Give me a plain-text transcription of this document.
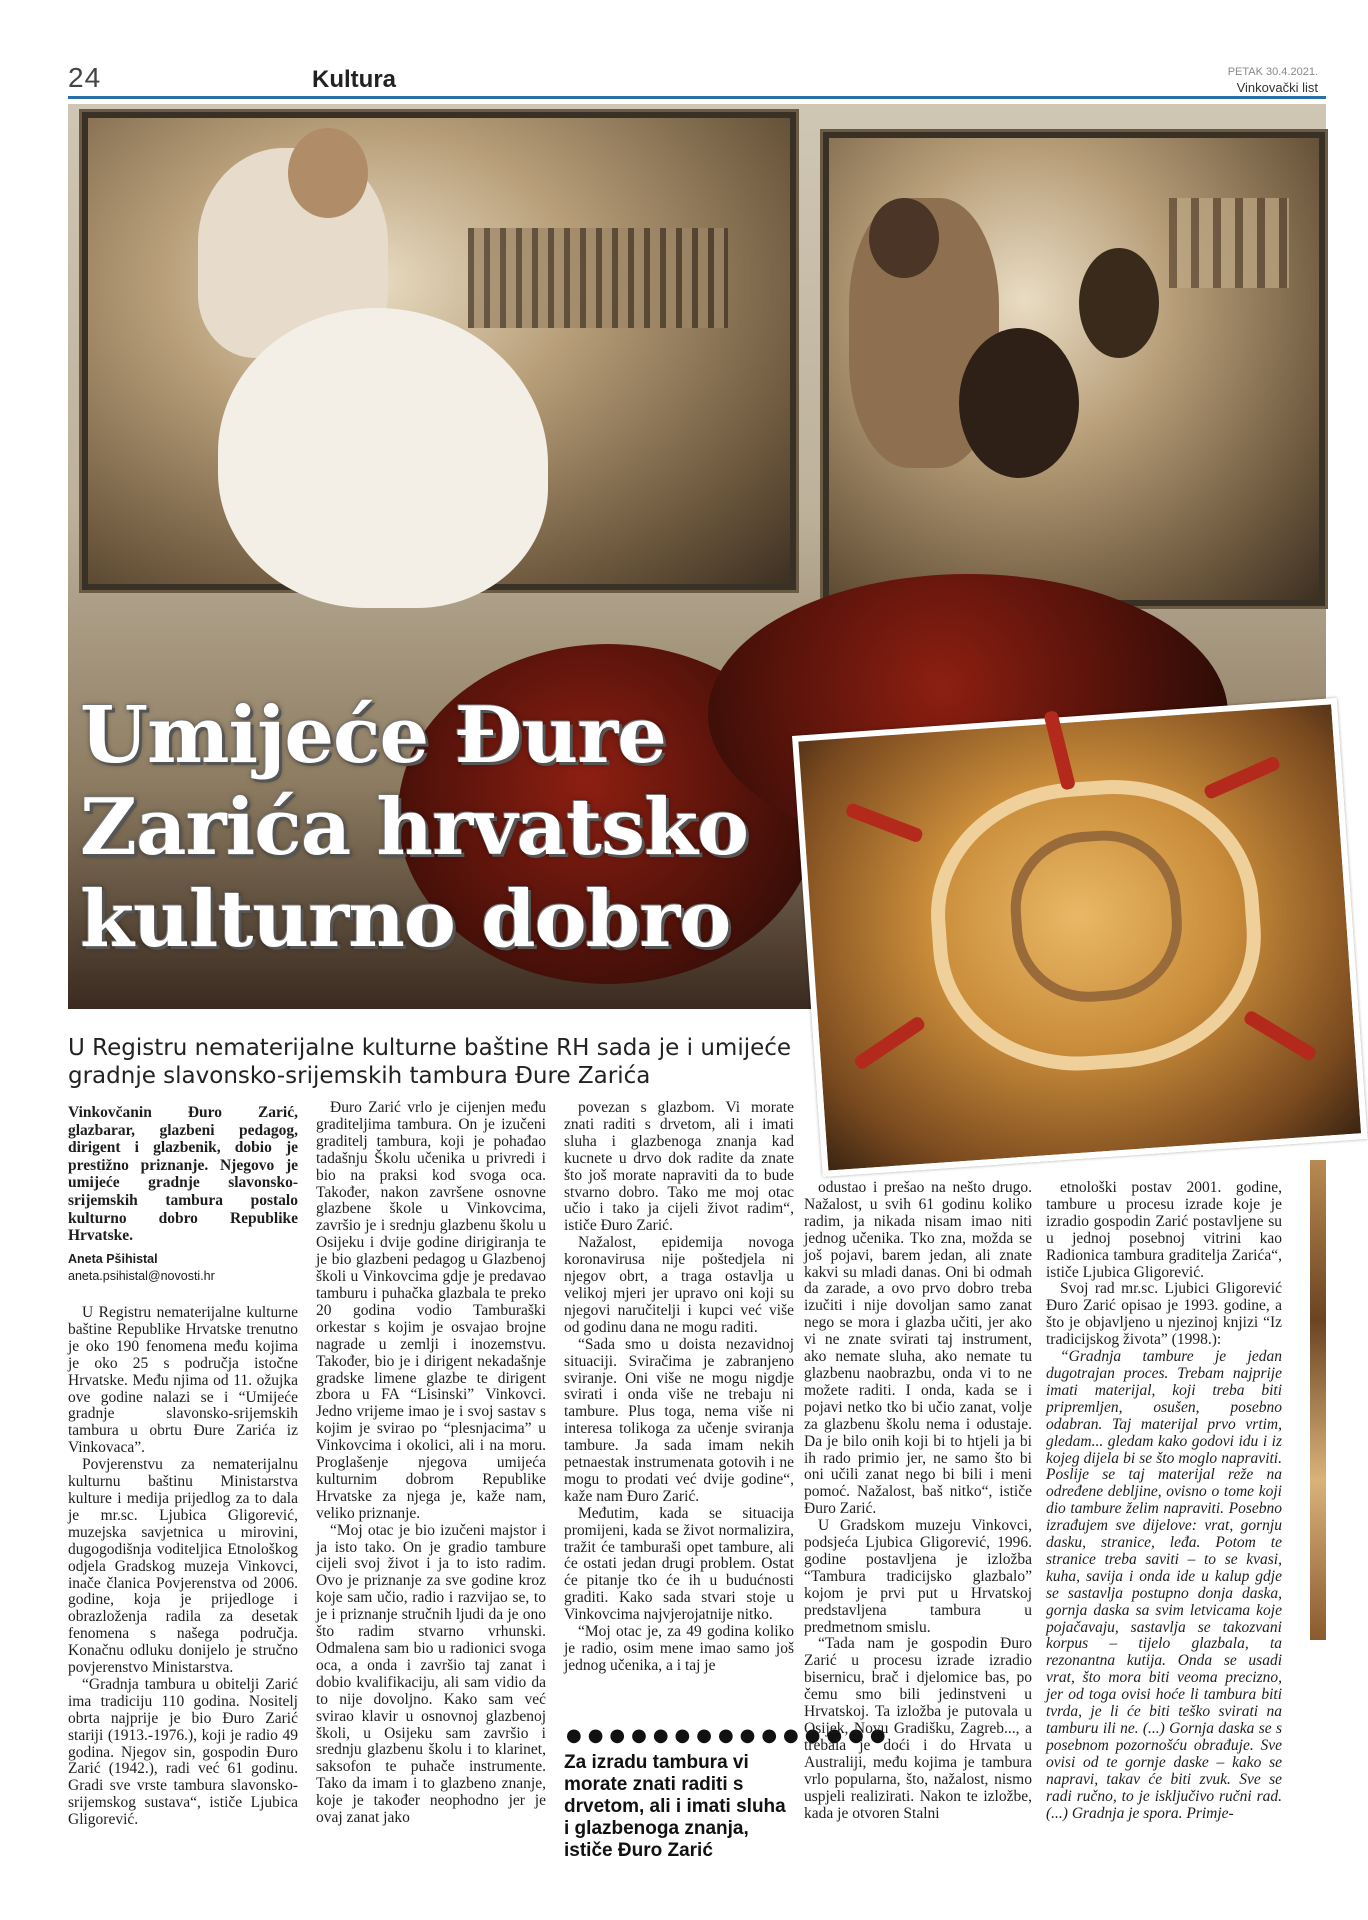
24	Kultura	PETAK 30.4.2021.
Vinkovački list
Umijeće Đure Zarića hrvatsko kulturno dobro
U Registru nematerijalne kulturne baštine RH sada je i umijeće gradnje slavonsko-srijemskih tambura Đure Zarića
Vinkovčanin Đuro Zarić, glazbarar, glazbeni pedagog, dirigent i glazbenik, dobio je prestižno priznanje. Njegovo je umijeće gradnje slavonsko-srijemskih tambura postalo kulturno dobro Republike Hrvatske.
Aneta Pšihistal
aneta.psihistal@novosti.hr

U Registru nematerijalne kulturne baštine Republike Hrvatske trenutno je oko 190 fenomena među kojima je oko 25 s područja istočne Hrvatske. Među njima od 11. ožujka ove godine nalazi se i “Umijeće gradnje slavonsko-srijemskih tambura u obrtu Đure Zarića iz Vinkovaca”.

Povjerenstvu za nematerijalnu kulturnu baštinu Ministarstva kulture i medija prijedlog za to dala je mr.sc. Ljubica Gligorević, muzejska savjetnica u mirovini, dugogodišnja voditeljica Etnološkog odjela Gradskog muzeja Vinkovci, inače članica Povjerenstva od 2006. godine, koja je prijedloge i obrazloženja radila za desetak fenomena s našega područja. Konačnu odluku donijelo je stručno povjerenstvo Ministarstva.

“Gradnja tambura u obitelji Zarić ima tradiciju 110 godina. Nositelj obrta najprije je bio Đuro Zarić stariji (1913.-1976.), koji je radio 49 godina. Njegov sin, gospodin Đuro Zarić (1942.), radi već 61 godinu. Gradi sve vrste tambura slavonsko-srijemskog sustava“, ističe Ljubica Gligorević.

Đuro Zarić vrlo je cijenjen među graditeljima tambura. On je izučeni graditelj tambura, koji je pohađao tadašnju Školu učenika u privredi i bio na praksi kod svoga oca. Također, nakon završene osnovne glazbene škole u Vinkovcima, završio je i srednju glazbenu školu u Osijeku i dvije godine dirigiranja te je bio glazbeni pedagog u Glazbenoj školi u Vinkovcima gdje je predavao tamburu i puhačka glazbala te preko 20 godina vodio Tamburaški orkestar s kojim je osvajao brojne nagrade u zemlji i inozemstvu. Također, bio je i dirigent nekadašnje gradske limene glazbe te dirigent zbora u FA “Lisinski” Vinkovci. Jedno vrijeme imao je i svoj sastav s kojim je svirao po “plesnjacima” u Vinkovcima i okolici, ali i na moru. Proglašenje njegova umijeća kulturnim dobrom Republike Hrvatske za njega je, kaže nam, veliko priznanje.

“Moj otac je bio izučeni majstor i ja isto tako. On je gradio tambure cijeli svoj život i ja to isto radim. Ovo je priznanje za sve godine kroz koje sam učio, radio i razvijao se, to je i priznanje stručnih ljudi da je ono što radim stvarno vrhunski. Odmalena sam bio u radionici svoga oca, a onda i završio taj zanat i dobio kvalifikaciju, ali sam vidio da to nije dovoljno. Kako sam već svirao klavir u osnovnoj glazbenoj školi, u Osijeku sam završio i srednju glazbenu školu i to klarinet, saksofon te puhače instrumente. Tako da imam i to glazbeno znanje, koje je također neophodno jer je ovaj zanat jako

povezan s glazbom. Vi morate znati raditi s drvetom, ali i imati sluha i glazbenoga znanja kad kucnete u drvo dok radite da znate što još morate napraviti da to bude stvarno dobro. Tako me moj otac učio i tako ja cijeli život radim“, ističe Đuro Zarić.

Nažalost, epidemija novoga koronavirusa nije poštedjela ni njegov obrt, a traga ostavlja u velikoj mjeri jer upravo oni koji su njegovi naručitelji i kupci već više od godinu dana ne mogu raditi.

“Sada smo u doista nezavidnoj situaciji. Sviračima je zabranjeno sviranje. Oni više ne mogu nigdje svirati i onda više ne trebaju ni tambure. Plus toga, nema više ni interesa tolikoga za učenje sviranja tambure. Ja sada imam nekih petnaestak instrumenata gotovih i ne mogu to prodati već dvije godine“, kaže nam Đuro Zarić.

Međutim, kada se situacija promijeni, kada se život normalizira, tražit će tamburaši opet tambure, ali će ostati jedan drugi problem. Ostat će pitanje tko će ih u budućnosti graditi. Kako sada stvari stoje u Vinkovcima najvjerojatnije nitko.

“Moj otac je, za 49 godina koliko je radio, osim mene imao samo još jednog učenika, a i taj je

●●●●●●●●●●●●●●●
Za izradu tambura vi morate znati raditi s drvetom, ali i imati sluha i glazbenoga znanja, ističe Đuro Zarić

odustao i prešao na nešto drugo. Nažalost, u svih 61 godinu koliko radim, ja nikada nisam imao niti jednog učenika. Tko zna, možda se još pojavi, barem jedan, ali znate kakvi su mladi danas. Oni bi odmah da zarade, a ovo prvo dobro treba izučiti i nije dovoljan samo zanat nego se mora i glazba učiti, jer ako vi ne znate svirati taj instrument, ako nemate sluha, ako nemate tu glazbenu naobrazbu, onda vi to ne možete raditi. I onda, kada se i pojavi netko tko bi učio zanat, volje za glazbenu školu nema i odustaje. Da je bilo onih koji bi to htjeli ja bi ih rado primio jer, ne samo što bi oni učili zanat nego bi bili i meni pomoć. Nažalost, baš nitko“, ističe Đuro Zarić.

U Gradskom muzeju Vinkovci, podsjeća Ljubica Gligorević, 1996. godine postavljena je izložba “Tambura tradicijsko glazbalo” kojom je prvi put u Hrvatskoj predstavljena tambura u predmetnom smislu.

“Tada nam je gospodin Đuro Zarić u procesu izrade izradio bisernicu, brač i djelomice bas, po čemu smo bili jedinstveni u Hrvatskoj. Ta izložba je putovala u Osijek, Novu Gradišku, Zagreb..., a trebala je doći i do Hrvata u Australiji, među kojima je tambura vrlo popularna, što, nažalost, nismo uspjeli realizirati. Nakon te izložbe, kada je otvoren Stalni

etnološki postav 2001. godine, tambure u procesu izrade koje je izradio gospodin Zarić postavljene su u jednoj posebnoj vitrini kao Radionica tambura graditelja Zarića“, ističe Ljubica Gligorević.

Svoj rad mr.sc. Ljubici Gligorević Đuro Zarić opisao je 1993. godine, a što je objavljeno u njezinoj knjizi “Iz tradicijskog života” (1998.):

“Gradnja tambure je jedan dugotrajan proces. Trebam najprije imati materijal, koji treba biti pripremljen, osušen, posebno odabran. Taj materijal prvo vrtim, gledam... gledam kako godovi idu i iz kojeg dijela bi se što moglo napraviti. Poslije se taj materijal reže na određene debljine, ovisno o tome koji dio tambure želim napraviti. Posebno izrađujem sve dijelove: vrat, gornju dasku, stranice, leđa. Potom te stranice treba saviti – to se kvasi, kuha, savija i onda ide u kalup gdje se sastavlja postupno donja daska, gornja daska sa svim letvicama koje pojačavaju, sastavlja se takozvani korpus – tijelo glazbala, ta rezonantna kutija. Onda se usadi vrat, što mora biti veoma precizno, jer od toga ovisi hoće li tambura biti tvrda, je li će biti teško svirati na tamburu ili ne. (...) Gornja daska se s posebnom pozornošću obrađuje. Sve ovisi od te gornje daske – kako se napravi, takav će biti zvuk. Sve se radi ručno, to je isključivo ručni rad. (...) Gradnja je spora. Primje-
